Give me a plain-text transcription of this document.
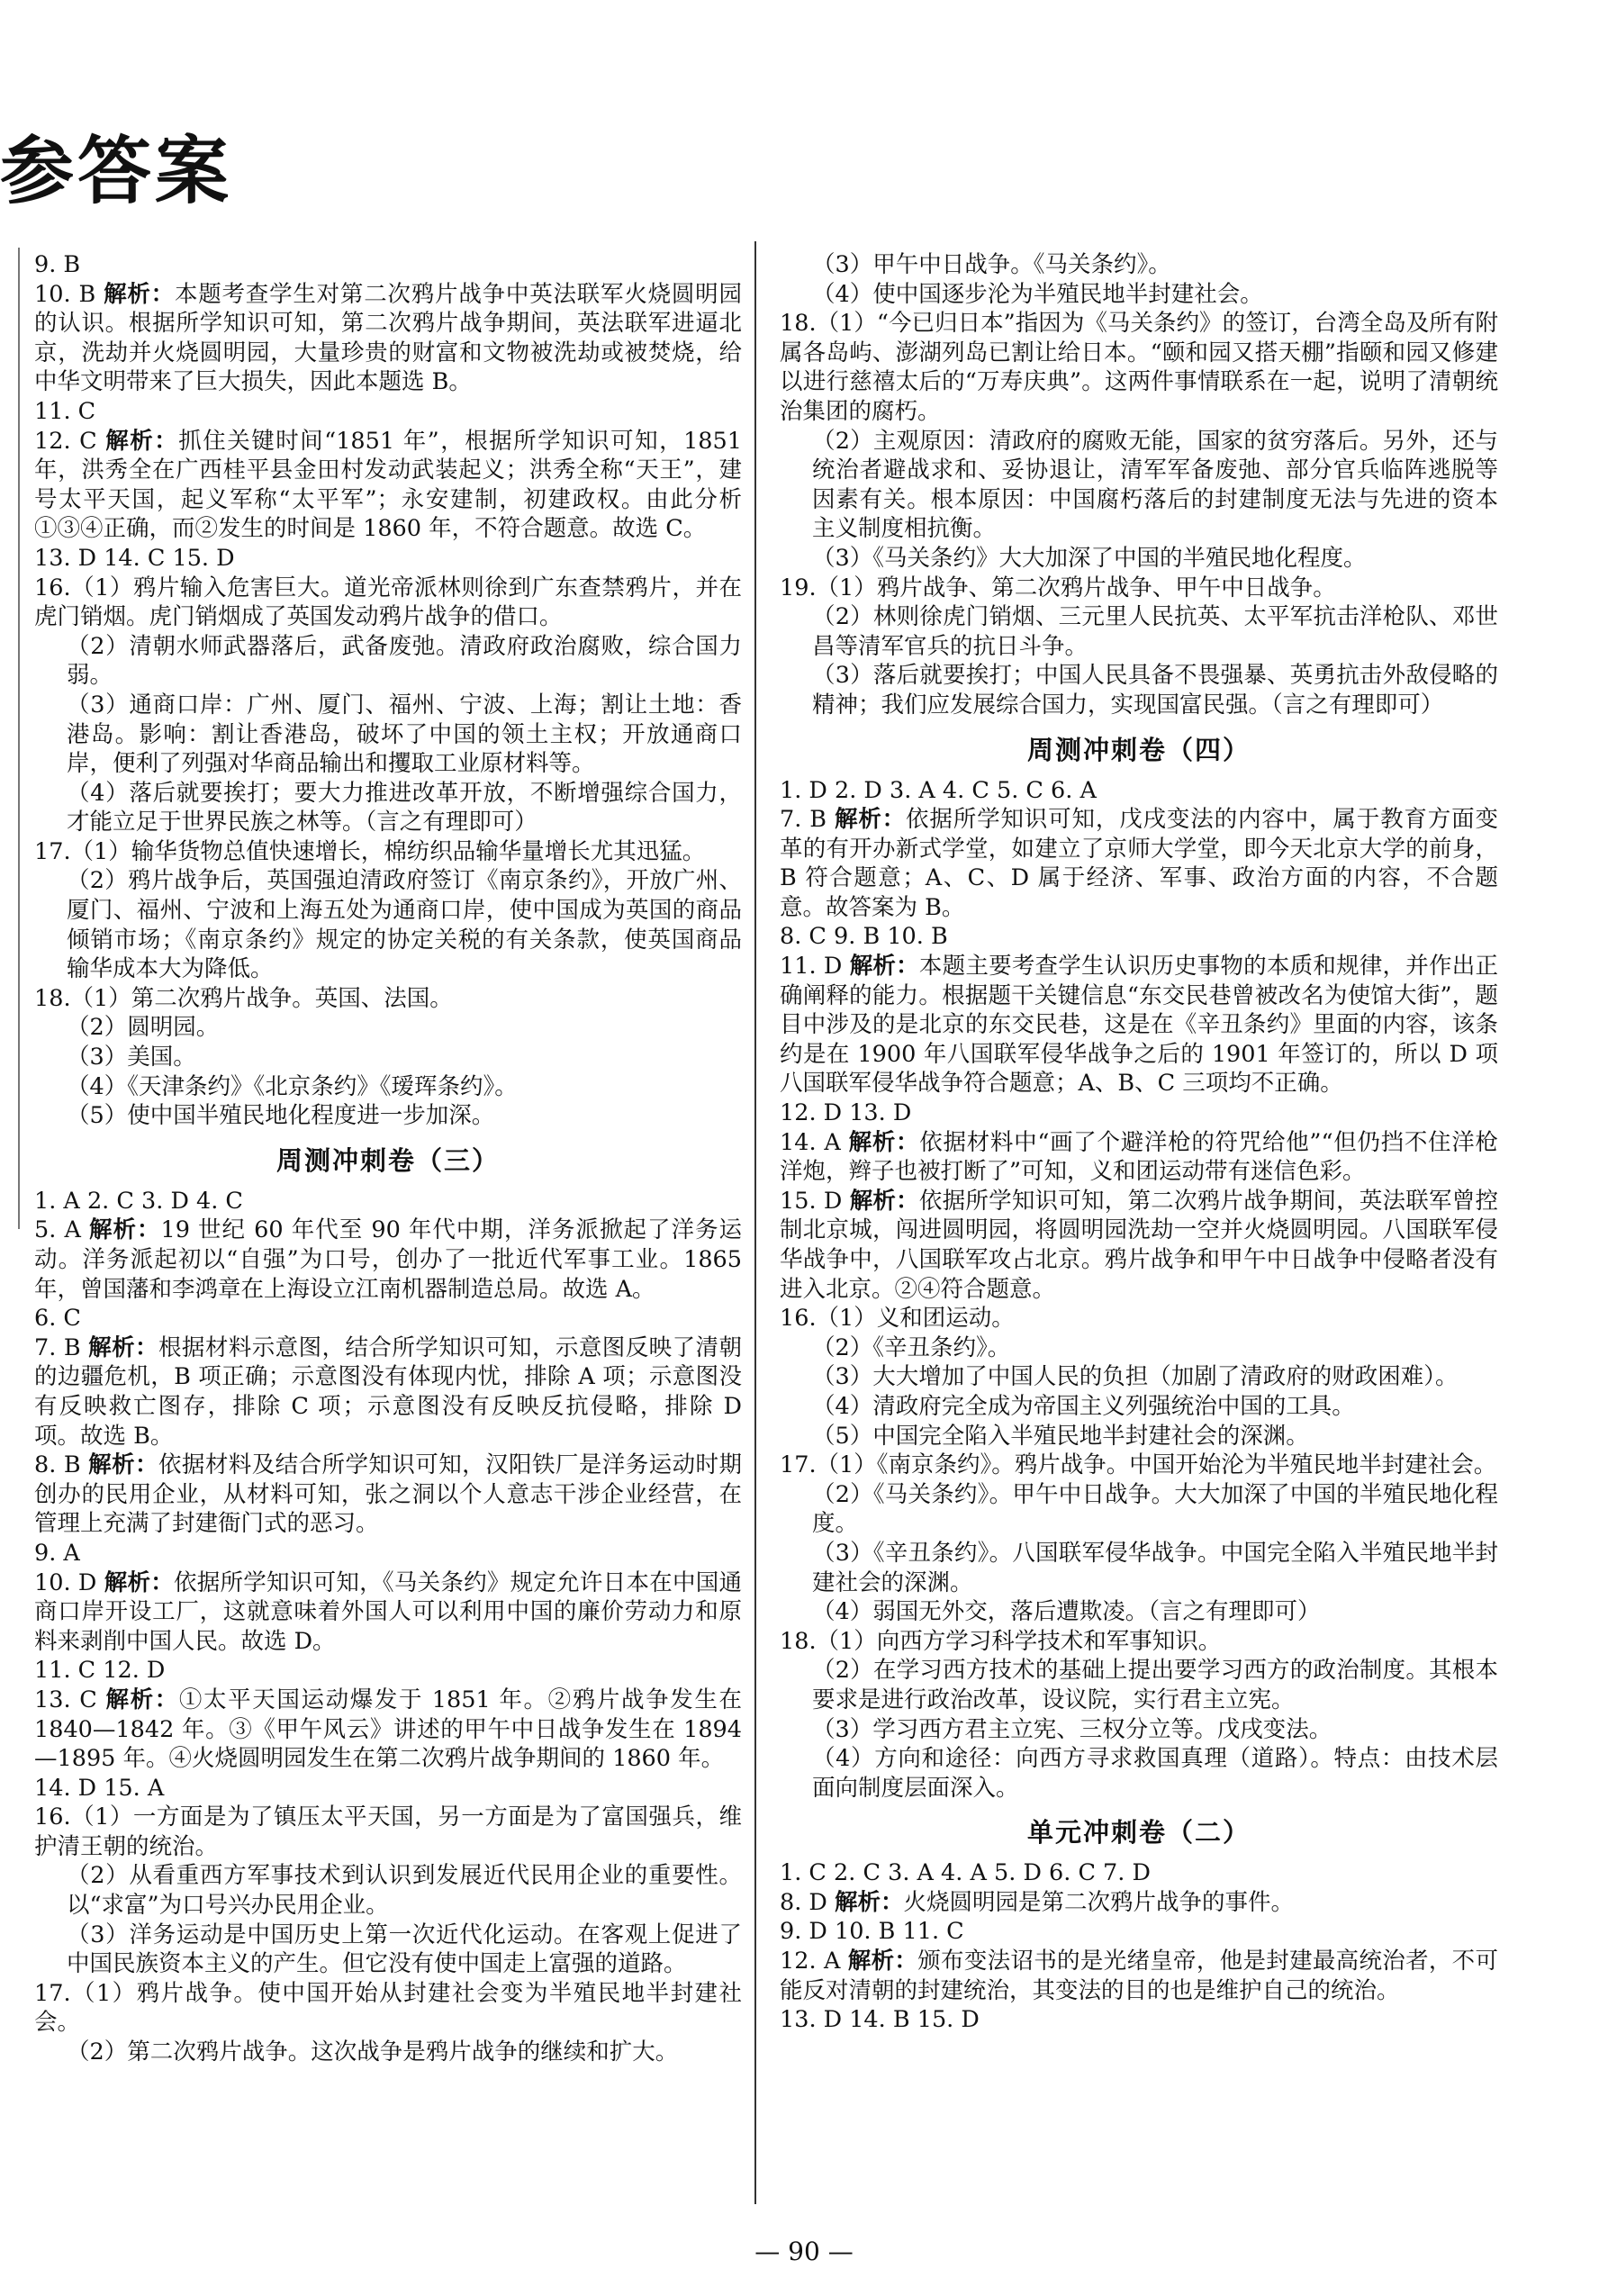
参答案

9. B

10. B 解析：本题考查学生对第二次鸦片战争中英法联军火烧圆明园的认识。根据所学知识可知，第二次鸦片战争期间，英法联军进逼北京，洗劫并火烧圆明园，大量珍贵的财富和文物被洗劫或被焚烧，给中华文明带来了巨大损失，因此本题选 B。

11. C

12. C 解析：抓住关键时间“1851 年”，根据所学知识可知，1851 年，洪秀全在广西桂平县金田村发动武装起义；洪秀全称“天王”，建号太平天国，起义军称“太平军”；永安建制，初建政权。由此分析①③④正确，而②发生的时间是 1860 年，不符合题意。故选 C。

13. D 14. C 15. D

16.（1）鸦片输入危害巨大。道光帝派林则徐到广东查禁鸦片，并在虎门销烟。虎门销烟成了英国发动鸦片战争的借口。

（2）清朝水师武器落后，武备废弛。清政府政治腐败，综合国力弱。

（3）通商口岸：广州、厦门、福州、宁波、上海；割让土地：香港岛。影响：割让香港岛，破坏了中国的领土主权；开放通商口岸，便利了列强对华商品输出和攫取工业原材料等。

（4）落后就要挨打；要大力推进改革开放，不断增强综合国力，才能立足于世界民族之林等。（言之有理即可）

17.（1）输华货物总值快速增长，棉纺织品输华量增长尤其迅猛。

（2）鸦片战争后，英国强迫清政府签订《南京条约》，开放广州、厦门、福州、宁波和上海五处为通商口岸，使中国成为英国的商品倾销市场；《南京条约》规定的协定关税的有关条款，使英国商品输华成本大为降低。

18.（1）第二次鸦片战争。英国、法国。

（2）圆明园。

（3）美国。

（4）《天津条约》《北京条约》《瑷珲条约》。

（5）使中国半殖民地化程度进一步加深。

周测冲刺卷（三）

1. A 2. C 3. D 4. C

5. A 解析：19 世纪 60 年代至 90 年代中期，洋务派掀起了洋务运动。洋务派起初以“自强”为口号，创办了一批近代军事工业。1865 年，曾国藩和李鸿章在上海设立江南机器制造总局。故选 A。

6. C

7. B 解析：根据材料示意图，结合所学知识可知，示意图反映了清朝的边疆危机，B 项正确；示意图没有体现内忧，排除 A 项；示意图没有反映救亡图存，排除 C 项；示意图没有反映反抗侵略，排除 D 项。故选 B。

8. B 解析：依据材料及结合所学知识可知，汉阳铁厂是洋务运动时期创办的民用企业，从材料可知，张之洞以个人意志干涉企业经营，在管理上充满了封建衙门式的恶习。

9. A

10. D 解析：依据所学知识可知，《马关条约》规定允许日本在中国通商口岸开设工厂，这就意味着外国人可以利用中国的廉价劳动力和原料来剥削中国人民。故选 D。

11. C 12. D

13. C 解析：①太平天国运动爆发于 1851 年。②鸦片战争发生在 1840—1842 年。③《甲午风云》讲述的甲午中日战争发生在 1894—1895 年。④火烧圆明园发生在第二次鸦片战争期间的 1860 年。

14. D 15. A

16.（1）一方面是为了镇压太平天国，另一方面是为了富国强兵，维护清王朝的统治。

（2）从看重西方军事技术到认识到发展近代民用企业的重要性。以“求富”为口号兴办民用企业。

（3）洋务运动是中国历史上第一次近代化运动。在客观上促进了中国民族资本主义的产生。但它没有使中国走上富强的道路。

17.（1）鸦片战争。使中国开始从封建社会变为半殖民地半封建社会。

（2）第二次鸦片战争。这次战争是鸦片战争的继续和扩大。

（3）甲午中日战争。《马关条约》。

（4）使中国逐步沦为半殖民地半封建社会。

18.（1）“今已归日本”指因为《马关条约》的签订，台湾全岛及所有附属各岛屿、澎湖列岛已割让给日本。“颐和园又搭天棚”指颐和园又修建以进行慈禧太后的“万寿庆典”。这两件事情联系在一起，说明了清朝统治集团的腐朽。

（2）主观原因：清政府的腐败无能，国家的贫穷落后。另外，还与统治者避战求和、妥协退让，清军军备废弛、部分官兵临阵逃脱等因素有关。根本原因：中国腐朽落后的封建制度无法与先进的资本主义制度相抗衡。

（3）《马关条约》大大加深了中国的半殖民地化程度。

19.（1）鸦片战争、第二次鸦片战争、甲午中日战争。

（2）林则徐虎门销烟、三元里人民抗英、太平军抗击洋枪队、邓世昌等清军官兵的抗日斗争。

（3）落后就要挨打；中国人民具备不畏强暴、英勇抗击外敌侵略的精神；我们应发展综合国力，实现国富民强。（言之有理即可）

周测冲刺卷（四）

1. D 2. D 3. A 4. C 5. C 6. A

7. B 解析：依据所学知识可知，戊戌变法的内容中，属于教育方面变革的有开办新式学堂，如建立了京师大学堂，即今天北京大学的前身，B 符合题意；A、C、D 属于经济、军事、政治方面的内容，不合题意。故答案为 B。

8. C 9. B 10. B

11. D 解析：本题主要考查学生认识历史事物的本质和规律，并作出正确阐释的能力。根据题干关键信息“东交民巷曾被改名为使馆大街”，题目中涉及的是北京的东交民巷，这是在《辛丑条约》里面的内容，该条约是在 1900 年八国联军侵华战争之后的 1901 年签订的，所以 D 项八国联军侵华战争符合题意；A、B、C 三项均不正确。

12. D 13. D

14. A 解析：依据材料中“画了个避洋枪的符咒给他”“但仍挡不住洋枪洋炮，辫子也被打断了”可知，义和团运动带有迷信色彩。

15. D 解析：依据所学知识可知，第二次鸦片战争期间，英法联军曾控制北京城，闯进圆明园，将圆明园洗劫一空并火烧圆明园。八国联军侵华战争中，八国联军攻占北京。鸦片战争和甲午中日战争中侵略者没有进入北京。②④符合题意。

16.（1）义和团运动。

（2）《辛丑条约》。

（3）大大增加了中国人民的负担（加剧了清政府的财政困难）。

（4）清政府完全成为帝国主义列强统治中国的工具。

（5）中国完全陷入半殖民地半封建社会的深渊。

17.（1）《南京条约》。鸦片战争。中国开始沦为半殖民地半封建社会。

（2）《马关条约》。甲午中日战争。大大加深了中国的半殖民地化程度。

（3）《辛丑条约》。八国联军侵华战争。中国完全陷入半殖民地半封建社会的深渊。

（4）弱国无外交，落后遭欺凌。（言之有理即可）

18.（1）向西方学习科学技术和军事知识。

（2）在学习西方技术的基础上提出要学习西方的政治制度。其根本要求是进行政治改革，设议院，实行君主立宪。

（3）学习西方君主立宪、三权分立等。戊戌变法。

（4）方向和途径：向西方寻求救国真理（道路）。特点：由技术层面向制度层面深入。

单元冲刺卷（二）

1. C 2. C 3. A 4. A 5. D 6. C 7. D

8. D 解析：火烧圆明园是第二次鸦片战争的事件。

9. D 10. B 11. C

12. A 解析：颁布变法诏书的是光绪皇帝，他是封建最高统治者，不可能反对清朝的封建统治，其变法的目的也是维护自己的统治。

13. D 14. B 15. D

— 90 —
